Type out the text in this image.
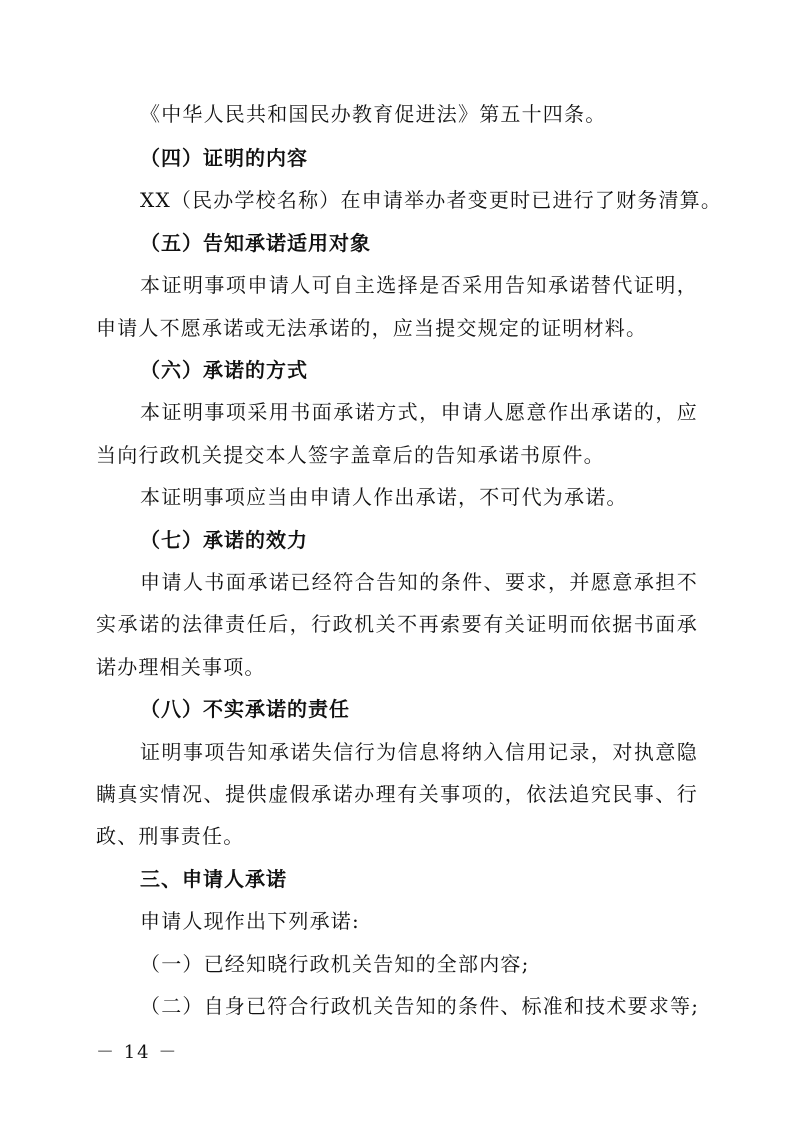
《中华人民共和国民办教育促进法》第五十四条。
（四）证明的内容
XX（民办学校名称）在申请举办者变更时已进行了财务清算。
（五）告知承诺适用对象
本证明事项申请人可自主选择是否采用告知承诺替代证明，
申请人不愿承诺或无法承诺的，应当提交规定的证明材料。
（六）承诺的方式
本证明事项采用书面承诺方式，申请人愿意作出承诺的，应
当向行政机关提交本人签字盖章后的告知承诺书原件。
本证明事项应当由申请人作出承诺，不可代为承诺。
（七）承诺的效力
申请人书面承诺已经符合告知的条件、要求，并愿意承担不
实承诺的法律责任后，行政机关不再索要有关证明而依据书面承
诺办理相关事项。
（八）不实承诺的责任
证明事项告知承诺失信行为信息将纳入信用记录，对执意隐
瞒真实情况、提供虚假承诺办理有关事项的，依法追究民事、行
政、刑事责任。
三、申请人承诺
申请人现作出下列承诺:
（一）已经知晓行政机关告知的全部内容;
（二）自身已符合行政机关告知的条件、标准和技术要求等;
－ 14 －
